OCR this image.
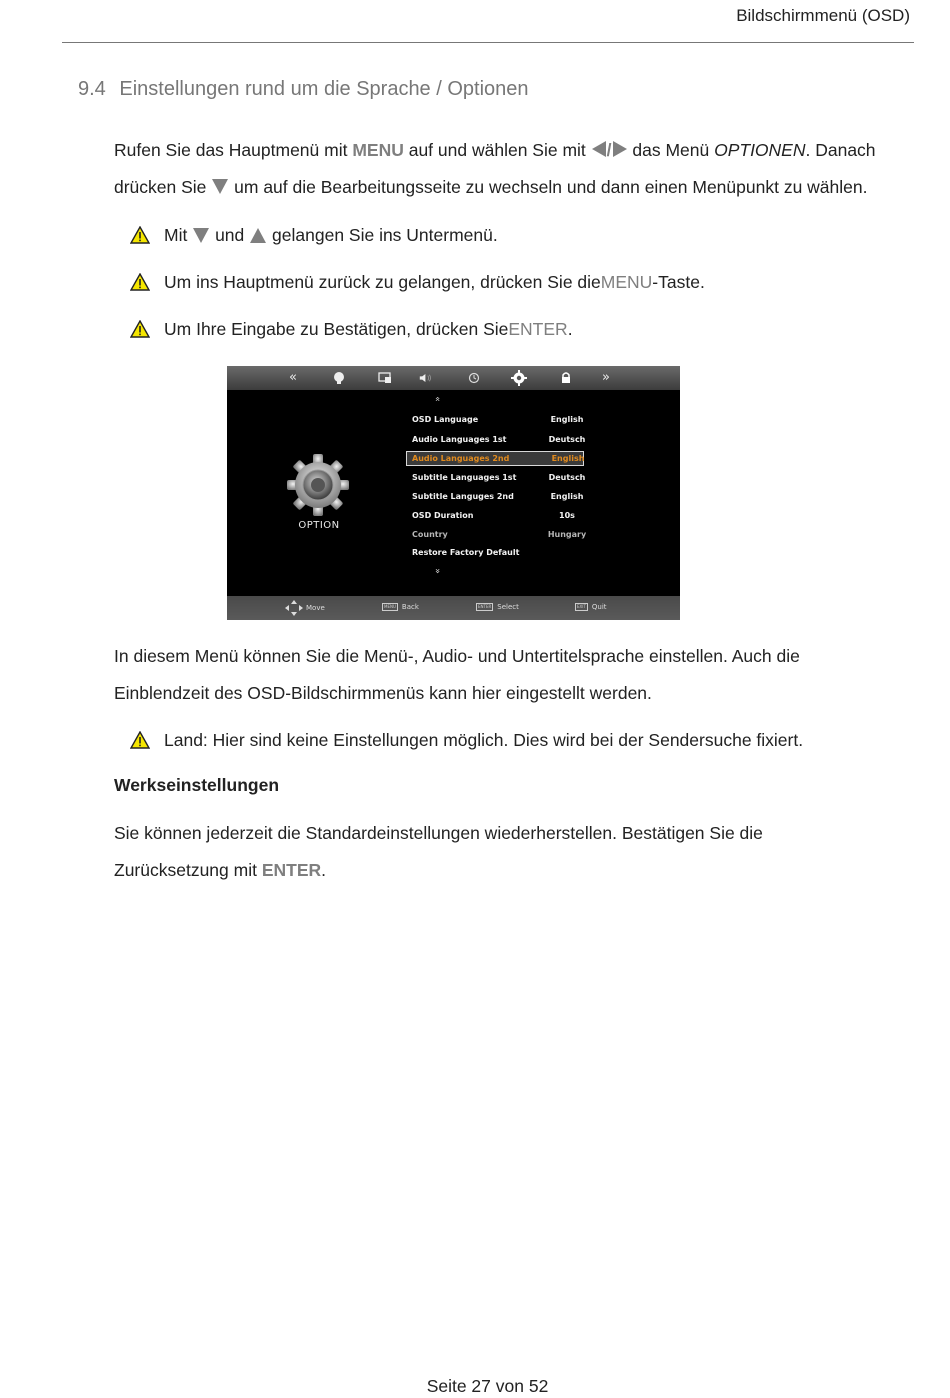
Bildschirmmenü (OSD)
9.4 Einstellungen rund um die Sprache / Optionen
Rufen Sie das Hauptmenü mit MENU auf und wählen Sie mit / das Menü OPTIONEN. Danach
drücken Sie  um auf die Bearbeitungsseite zu wechseln und dann einen Menüpunkt zu wählen.
Mit

und

gelangen Sie ins Untermenü.
Um ins Hauptmenü zurück zu gelangen, drücken Sie die MENU -Taste.
Um Ihre Eingabe zu Bestätigen, drücken Sie ENTER .
«	»
OPTION
«
OSD Language	English
Audio Languages 1st	Deutsch
Audio Languages 2nd	English
Subtitle Languages 1st	Deutsch
Subtitle Languges 2nd	English
OSD Duration	10s
Country	Hungary
Restore Factory Default
»
Move	MENU Back	ENTER Select	EXIT Quit
In diesem Menü können Sie die Menü-, Audio- und Untertitelsprache einstellen. Auch die
Einblendzeit des OSD-Bildschirmmenüs kann hier eingestellt werden.
Land: Hier sind keine Einstellungen möglich. Dies wird bei der Sendersuche fixiert.
Werkseinstellungen
Sie können jederzeit die Standardeinstellungen wiederherstellen. Bestätigen Sie die
Zurücksetzung mit ENTER.
Seite 27 von 52
